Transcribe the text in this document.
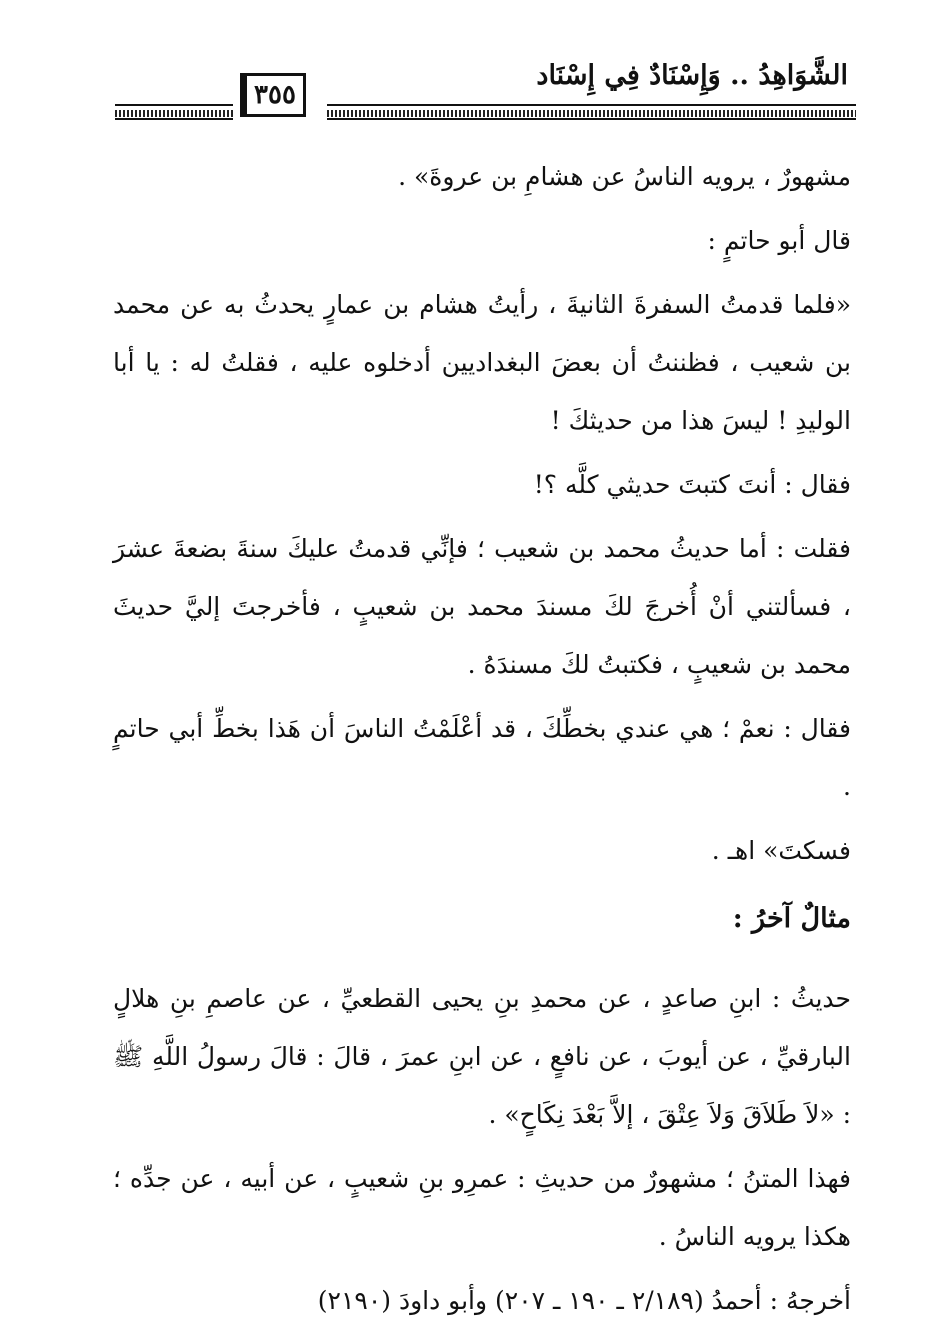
الشَّوَاهِدُ .. وَإِسْنَادٌ فِي إِسْنَاد
٣٥٥

مشهورٌ ، يرويه الناسُ عن هشامِ بن عروةَ» .

قال أبو حاتمٍ :

«فلما قدمتُ السفرةَ الثانيةَ ، رأيتُ هشام بن عمارٍ يحدثُ به عن محمد بن شعيب ، فظننتُ أن بعضَ البغداديين أدخلوه عليه ، فقلتُ له : يا أبا الوليدِ ! ليسَ هذا من حديثكَ !

فقال : أنتَ كتبتَ حديثي كلَّه ؟!

فقلت : أما حديثُ محمد بن شعيب ؛ فإنِّي قدمتُ عليكَ سنةَ بضعةَ عشرَ ، فسألتني أنْ أُخرجَ لكَ مسندَ محمد بن شعيبٍ ، فأخرجتَ إليَّ حديثَ محمد بن شعيبٍ ، فكتبتُ لكَ مسندَهُ .

فقال : نعمْ ؛ هي عندي بخطِّكَ ، قد أعْلَمْتُ الناسَ أن هَذا بخطِّ أبي حاتمٍ .

فسكتَ» اهـ .

مثالٌ آخرُ :

حديثُ : ابنِ صاعدٍ ، عن محمدِ بنِ يحيى القطعيِّ ، عن عاصمِ بنِ هلالٍ البارقيِّ ، عن أيوبَ ، عن نافعٍ ، عن ابنِ عمرَ ، قالَ : قالَ رسولُ اللَّهِ ﷺ : «لاَ طَلاَقَ وَلاَ عِتْقَ ، إلاَّ بَعْدَ نِكَاحٍ» .

فهذا المتنُ ؛ مشهورٌ من حديثِ : عمرِو بنِ شعيبٍ ، عن أبيه ، عن جدِّه ؛ هكذا يرويه الناسُ .

أخرجهُ : أحمدُ (٢/١٨٩ ـ ١٩٠ ـ ٢٠٧) وأبو داودَ (٢١٩٠)
